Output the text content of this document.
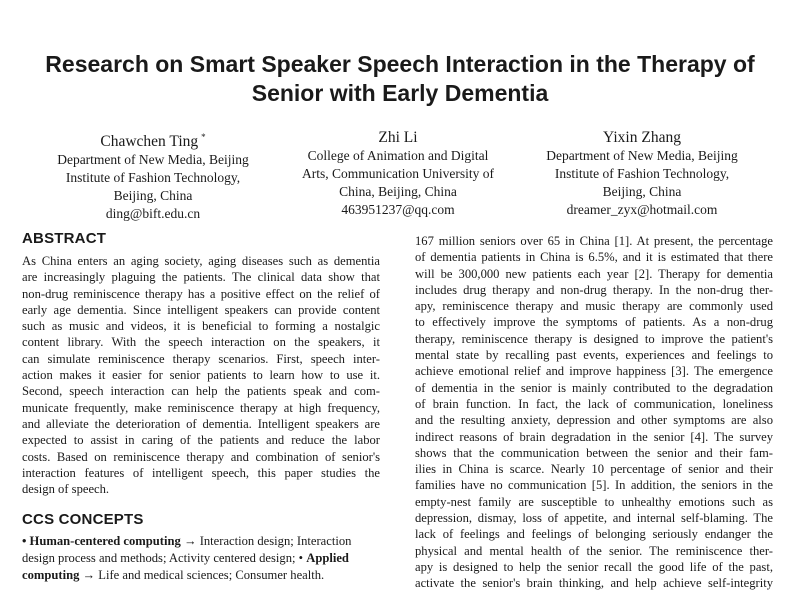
Research on Smart Speaker Speech Interaction in the Therapy of
Senior with Early Dementia
Chawchen Ting *
Department of New Media, Beijing
Institute of Fashion Technology,
Beijing, China
ding@bift.edu.cn
Zhi Li
College of Animation and Digital
Arts, Communication University of
China, Beijing, China
463951237@qq.com
Yixin Zhang
Department of New Media, Beijing
Institute of Fashion Technology,
Beijing, China
dreamer_zyx@hotmail.com
ABSTRACT
As China enters an aging society, aging diseases such as dementia
are increasingly plaguing the patients. The clinical data show that
non-drug reminiscence therapy has a positive effect on the relief of
early age dementia. Since intelligent speakers can provide content
such as music and videos, it is beneficial to forming a nostalgic
content library. With the speech interaction on the speakers, it
can simulate reminiscence therapy scenarios. First, speech inter-
action makes it easier for senior patients to learn how to use it.
Second, speech interaction can help the patients speak and com-
municate frequently, make reminiscence therapy at high frequency,
and alleviate the deterioration of dementia. Intelligent speakers are
expected to assist in caring of the patients and reduce the labor
costs. Based on reminiscence therapy and combination of senior's
interaction features of intelligent speech, this paper studies the
design of speech.
CCS CONCEPTS
• Human-centered computing → Interaction design; Interaction
design process and methods; Activity centered design; • Applied
computing → Life and medical sciences; Consumer health.
167 million seniors over 65 in China [1]. At present, the percentage
of dementia patients in China is 6.5%, and it is estimated that there
will be 300,000 new patients each year [2]. Therapy for dementia
includes drug therapy and non-drug therapy. In the non-drug ther-
apy, reminiscence therapy and music therapy are commonly used
to effectively improve the symptoms of patients. As a non-drug
therapy, reminiscence therapy is designed to improve the patient's
mental state by recalling past events, experiences and feelings to
achieve emotional relief and improve happiness [3]. The emergence
of dementia in the senior is mainly contributed to the degradation
of brain function. In fact, the lack of communication, loneliness
and the resulting anxiety, depression and other symptoms are also
indirect reasons of brain degradation in the senior [4]. The survey
shows that the communication between the senior and their fam-
ilies in China is scarce. Nearly 10 percentage of senior and their
families have no communication [5]. In addition, the seniors in the
empty-nest family are susceptible to unhealthy emotions such as
depression, dismay, loss of appetite, and internal self-blaming. The
lack of feelings and feelings of belonging seriously endanger the
physical and mental health of the senior. The reminiscence ther-
apy is designed to help the senior recall the good life of the past,
activate the senior's brain thinking, and help achieve self-integrity
